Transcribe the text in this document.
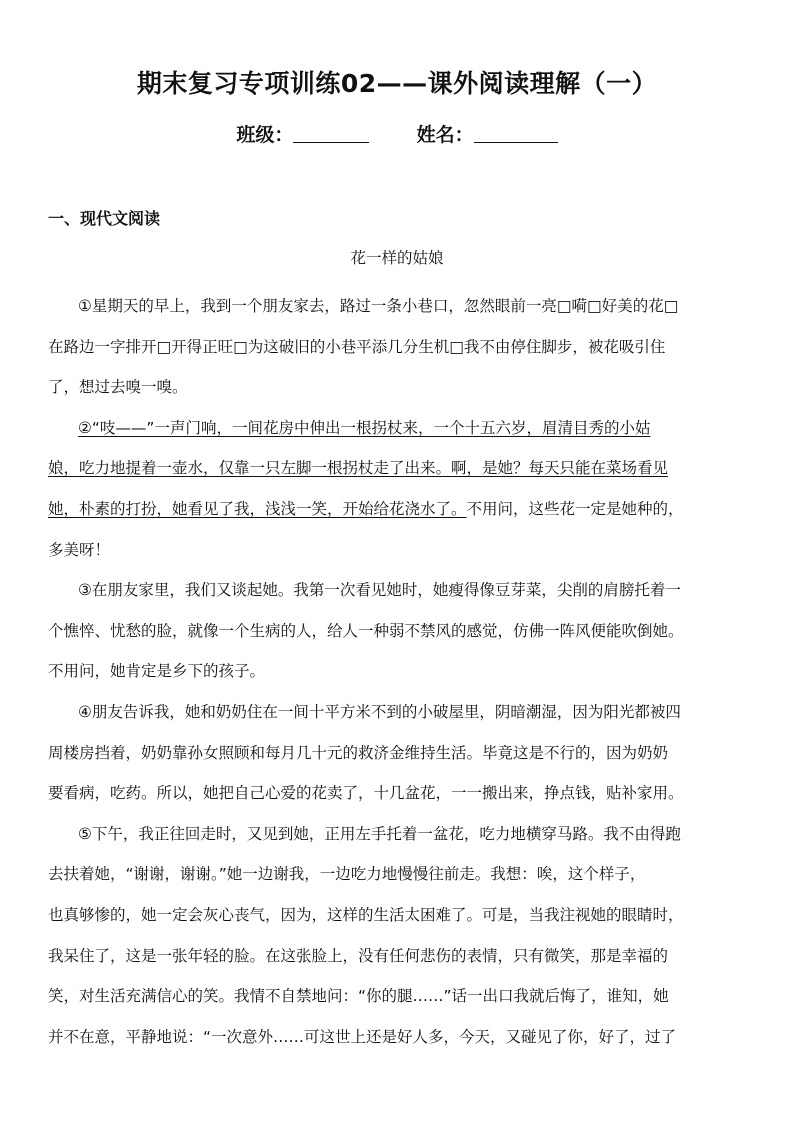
期末复习专项训练02——课外阅读理解（一）
班级：	姓名：
一、现代文阅读
花一样的姑娘
①星期天的早上，我到一个朋友家去，路过一条小巷口，忽然眼前一亮□嗬□好美的花□
在路边一字排开□开得正旺□为这破旧的小巷平添几分生机□我不由停住脚步，被花吸引住
了，想过去嗅一嗅。
②“吱——”一声门响，一间花房中伸出一根拐杖来，一个十五六岁，眉清目秀的小姑
娘，吃力地提着一壶水，仅靠一只左脚一根拐杖走了出来。啊，是她？每天只能在菜场看见
她，朴素的打扮，她看见了我，浅浅一笑，开始给花浇水了。不用问，这些花一定是她种的，
多美呀！
③在朋友家里，我们又谈起她。我第一次看见她时，她瘦得像豆芽菜，尖削的肩膀托着一
个憔悴、忧愁的脸，就像一个生病的人，给人一种弱不禁风的感觉，仿佛一阵风便能吹倒她。
不用问，她肯定是乡下的孩子。
④朋友告诉我，她和奶奶住在一间十平方米不到的小破屋里，阴暗潮湿，因为阳光都被四
周楼房挡着，奶奶靠孙女照顾和每月几十元的救济金维持生活。毕竟这是不行的，因为奶奶
要看病，吃药。所以，她把自己心爱的花卖了，十几盆花，一一搬出来，挣点钱，贴补家用。
⑤下午，我正往回走时，又见到她，正用左手托着一盆花，吃力地横穿马路。我不由得跑
去扶着她，“谢谢，谢谢。”她一边谢我，一边吃力地慢慢往前走。我想：唉，这个样子，
也真够惨的，她一定会灰心丧气，因为，这样的生活太困难了。可是，当我注视她的眼睛时，
我呆住了，这是一张年轻的脸。在这张脸上，没有任何悲伤的表情，只有微笑，那是幸福的
笑，对生活充满信心的笑。我情不自禁地问：“你的腿……”话一出口我就后悔了，谁知，她
并不在意，平静地说：“一次意外……可这世上还是好人多，今天，又碰见了你，好了，过了
